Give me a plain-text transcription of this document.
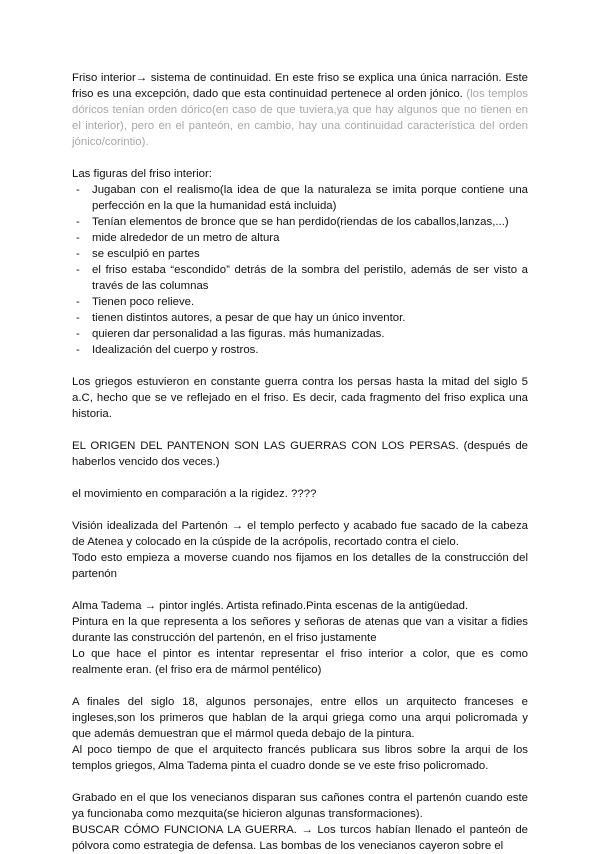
Friso interior→ sistema de continuidad. En este friso se explica una única narración. Este friso es una excepción, dado que esta continuidad pertenece al orden jónico. (los templos dóricos tenían orden dórico(en caso de que tuviera,ya que hay algunos que no tienen en el interior), pero en el panteón, en cambio, hay una continuidad característica del orden jónico/corintio).

Las figuras del friso interior:

- Jugaban con el realismo(la idea de que la naturaleza se imita porque contiene una perfección en la que la humanidad está incluida)
- Tenían elementos de bronce que se han perdido(riendas de los caballos,lanzas,...)
- mide alrededor de un metro de altura
- se esculpió en partes
- el friso estaba “escondido” detrás de la sombra del peristilo, además de ser visto a través de las columnas
- Tienen poco relieve.
- tienen distintos autores, a pesar de que hay un único inventor.
- quieren dar personalidad a las figuras. más humanizadas.
- Idealización del cuerpo y rostros.

Los griegos estuvieron en constante guerra contra los persas hasta la mitad del siglo 5 a.C, hecho que se ve reflejado en el friso. Es decir, cada fragmento del friso explica una historia.

EL ORIGEN DEL PANTENON SON LAS GUERRAS CON LOS PERSAS. (después de haberlos vencido dos veces.)

el movimiento en comparación a la rigidez. ????

Visión idealizada del Partenón → el templo perfecto y acabado fue sacado de la cabeza de Atenea y colocado en la cúspide de la acrópolis, recortado contra el cielo.

Todo esto empieza a moverse cuando nos fijamos en los detalles de la construcción del partenón

Alma Tadema → pintor inglés. Artista refinado.Pinta escenas de la antigüedad.

Pintura en la que representa a los señores y señoras de atenas que van a visitar a fidies durante las construcción del partenón, en el friso justamente

Lo que hace el pintor es intentar representar el friso interior a color, que es como realmente eran. (el friso era de mármol pentélico)

A finales del siglo 18, algunos personajes, entre ellos un arquitecto franceses e ingleses,son los primeros que hablan de la arqui griega como una arqui policromada y que además demuestran que el mármol queda debajo de la pintura.

Al poco tiempo de que el arquitecto francés publicara sus libros sobre la arqui de los templos griegos, Alma Tadema pinta el cuadro donde se ve este friso policromado.

Grabado en el que los venecianos disparan sus cañones contra el partenón cuando este ya funcionaba como mezquita(se hicieron algunas transformaciones).

BUSCAR CÓMO FUNCIONA LA GUERRA. → Los turcos habían llenado el panteón de pólvora como estrategia de defensa. Las bombas de los venecianos cayeron sobre el
